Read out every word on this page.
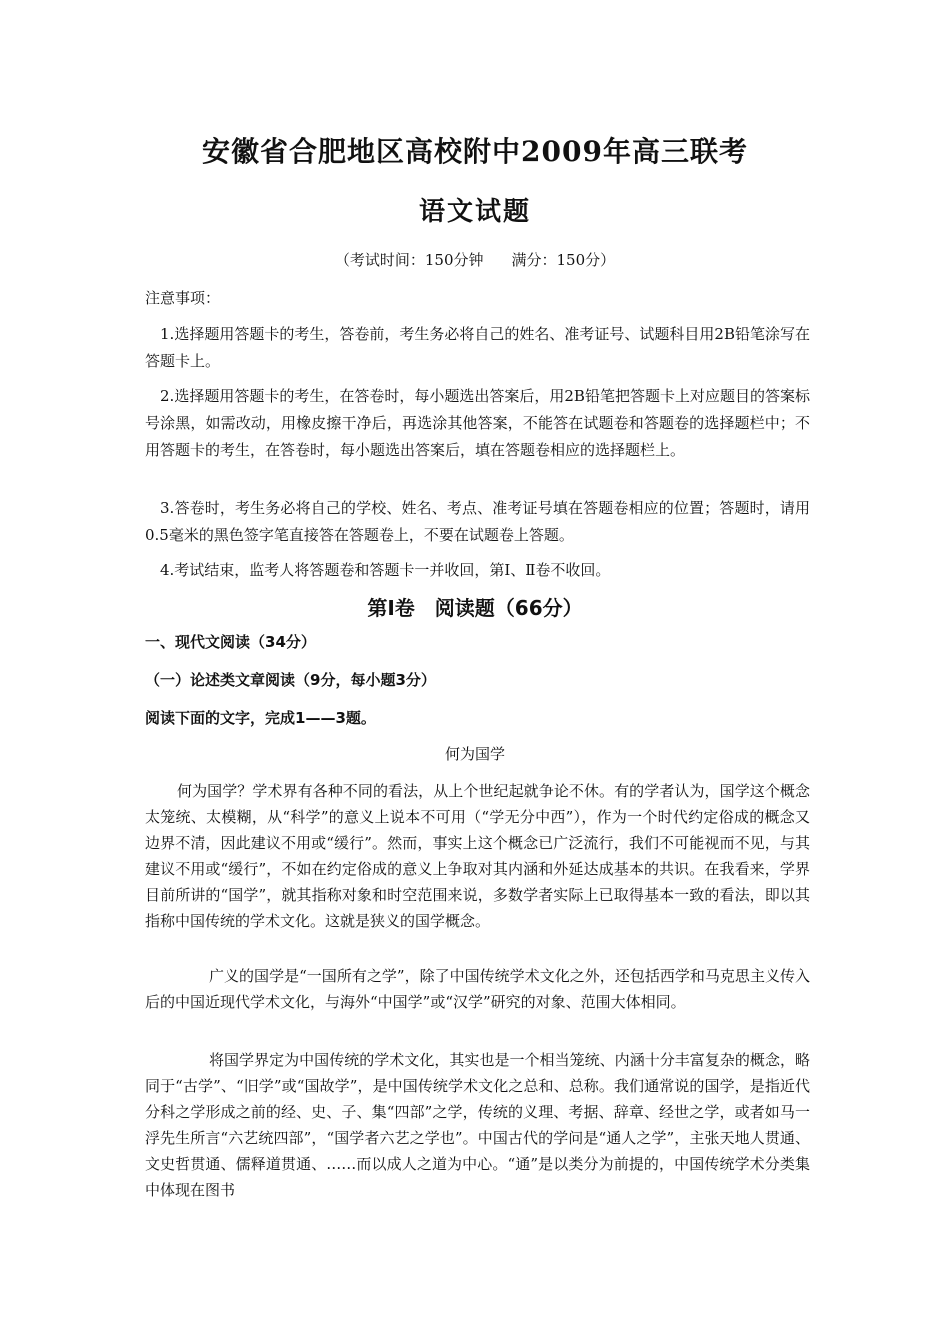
安徽省合肥地区高校附中2009年高三联考
语文试题
（考试时间：150分钟 满分：150分）
注意事项：
1.选择题用答题卡的考生，答卷前，考生务必将自己的姓名、准考证号、试题科目用2B铅笔涂写在答题卡上。
2.选择题用答题卡的考生，在答卷时，每小题选出答案后，用2B铅笔把答题卡上对应题目的答案标号涂黑，如需改动，用橡皮擦干净后，再选涂其他答案，不能答在试题卷和答题卷的选择题栏中；不用答题卡的考生，在答卷时，每小题选出答案后，填在答题卷相应的选择题栏上。
3.答卷时，考生务必将自己的学校、姓名、考点、准考证号填在答题卷相应的位置；答题时，请用0.5毫米的黑色签字笔直接答在答题卷上，不要在试题卷上答题。
4.考试结束，监考人将答题卷和答题卡一并收回，第Ⅰ、Ⅱ卷不收回。
第Ⅰ卷　阅读题（66分）
一、现代文阅读（34分）
（一）论述类文章阅读（9分，每小题3分）
阅读下面的文字，完成1——3题。
何为国学
何为国学？学术界有各种不同的看法，从上个世纪起就争论不休。有的学者认为，国学这个概念太笼统、太模糊，从“科学”的意义上说本不可用（“学无分中西”），作为一个时代约定俗成的概念又边界不清，因此建议不用或“缓行”。然而，事实上这个概念已广泛流行，我们不可能视而不见，与其建议不用或“缓行”，不如在约定俗成的意义上争取对其内涵和外延达成基本的共识。在我看来，学界目前所讲的“国学”，就其指称对象和时空范围来说，多数学者实际上已取得基本一致的看法，即以其指称中国传统的学术文化。这就是狭义的国学概念。
广义的国学是“一国所有之学”，除了中国传统学术文化之外，还包括西学和马克思主义传入后的中国近现代学术文化，与海外“中国学”或“汉学”研究的对象、范围大体相同。
将国学界定为中国传统的学术文化，其实也是一个相当笼统、内涵十分丰富复杂的概念，略同于“古学”、“旧学”或“国故学”，是中国传统学术文化之总和、总称。我们通常说的国学，是指近代分科之学形成之前的经、史、子、集“四部”之学，传统的义理、考据、辞章、经世之学，或者如马一浮先生所言“六艺统四部”，“国学者六艺之学也”。中国古代的学问是“通人之学”，主张天地人贯通、文史哲贯通、儒释道贯通、……而以成人之道为中心。“通”是以类分为前提的，中国传统学术分类集中体现在图书
